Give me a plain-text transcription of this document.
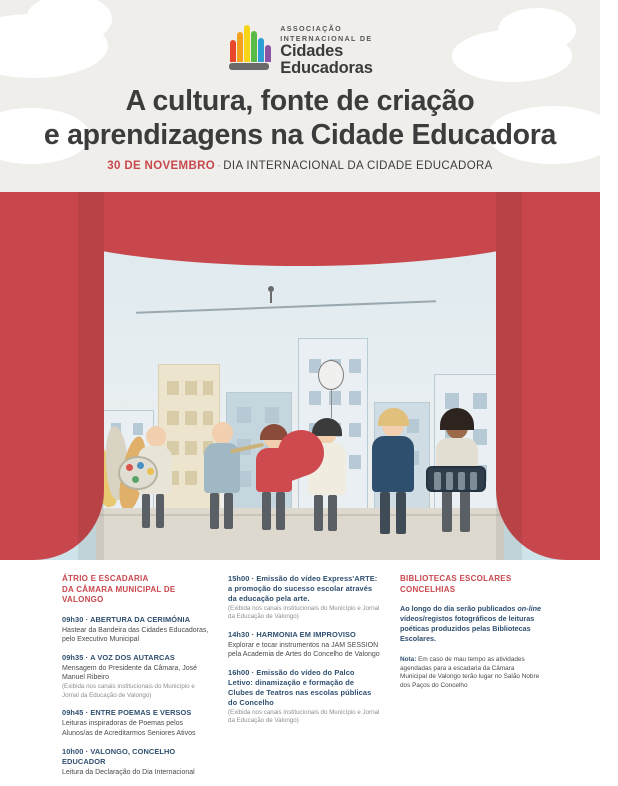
ASSOCIAÇÃO
INTERNACIONAL DE
Cidades
Educadoras
A cultura, fonte de criação
e aprendizagens na Cidade Educadora
30 DE NOVEMBRO · DIA INTERNACIONAL DA CIDADE EDUCADORA
ÁTRIO E ESCADARIA
DA CÂMARA MUNICIPAL DE VALONGO
09h30 · ABERTURA DA CERIMÓNIA
Hastear da Bandeira das Cidades Educadoras, pelo Executivo Municipal
09h35 · A VOZ DOS AUTARCAS
Mensagem do Presidente da Câmara, José Manuel Ribeiro
(Exibida nos canais institucionais do Município e Jornal da Educação de Valongo)
09h45 · ENTRE POEMAS E VERSOS
Leituras inspiradoras de Poemas pelos Alunos/as de Acreditarmos Seniores Ativos
10h00 · VALONGO, CONCELHO EDUCADOR
Leitura da Declaração do Dia Internacional
15h00 · Emissão do vídeo Express'ARTE: a promoção do sucesso escolar através da educação pela arte.
(Exibida nos canais institucionais do Município e Jornal da Educação de Valongo)
14h30 · HARMONIA EM IMPROVISO
Explorar e tocar instrumentos na JAM SESSION pela Academia de Artes do Concelho de Valongo
16h00 · Emissão do vídeo do Palco Letivo: dinamização e formação de Clubes de Teatros nas escolas públicas do Concelho
(Exibida nos canais institucionais do Município e Jornal da Educação de Valongo)
BIBLIOTECAS ESCOLARES CONCELHIAS
Ao longo do dia serão publicados on-line vídeos/registos fotográficos de leituras poéticas produzidos pelas Bibliotecas Escolares.
Nota: Em caso de mau tempo as atividades agendadas para a escadaria da Câmara Municipal de Valongo terão lugar no Salão Nobre dos Paços do Concelho
